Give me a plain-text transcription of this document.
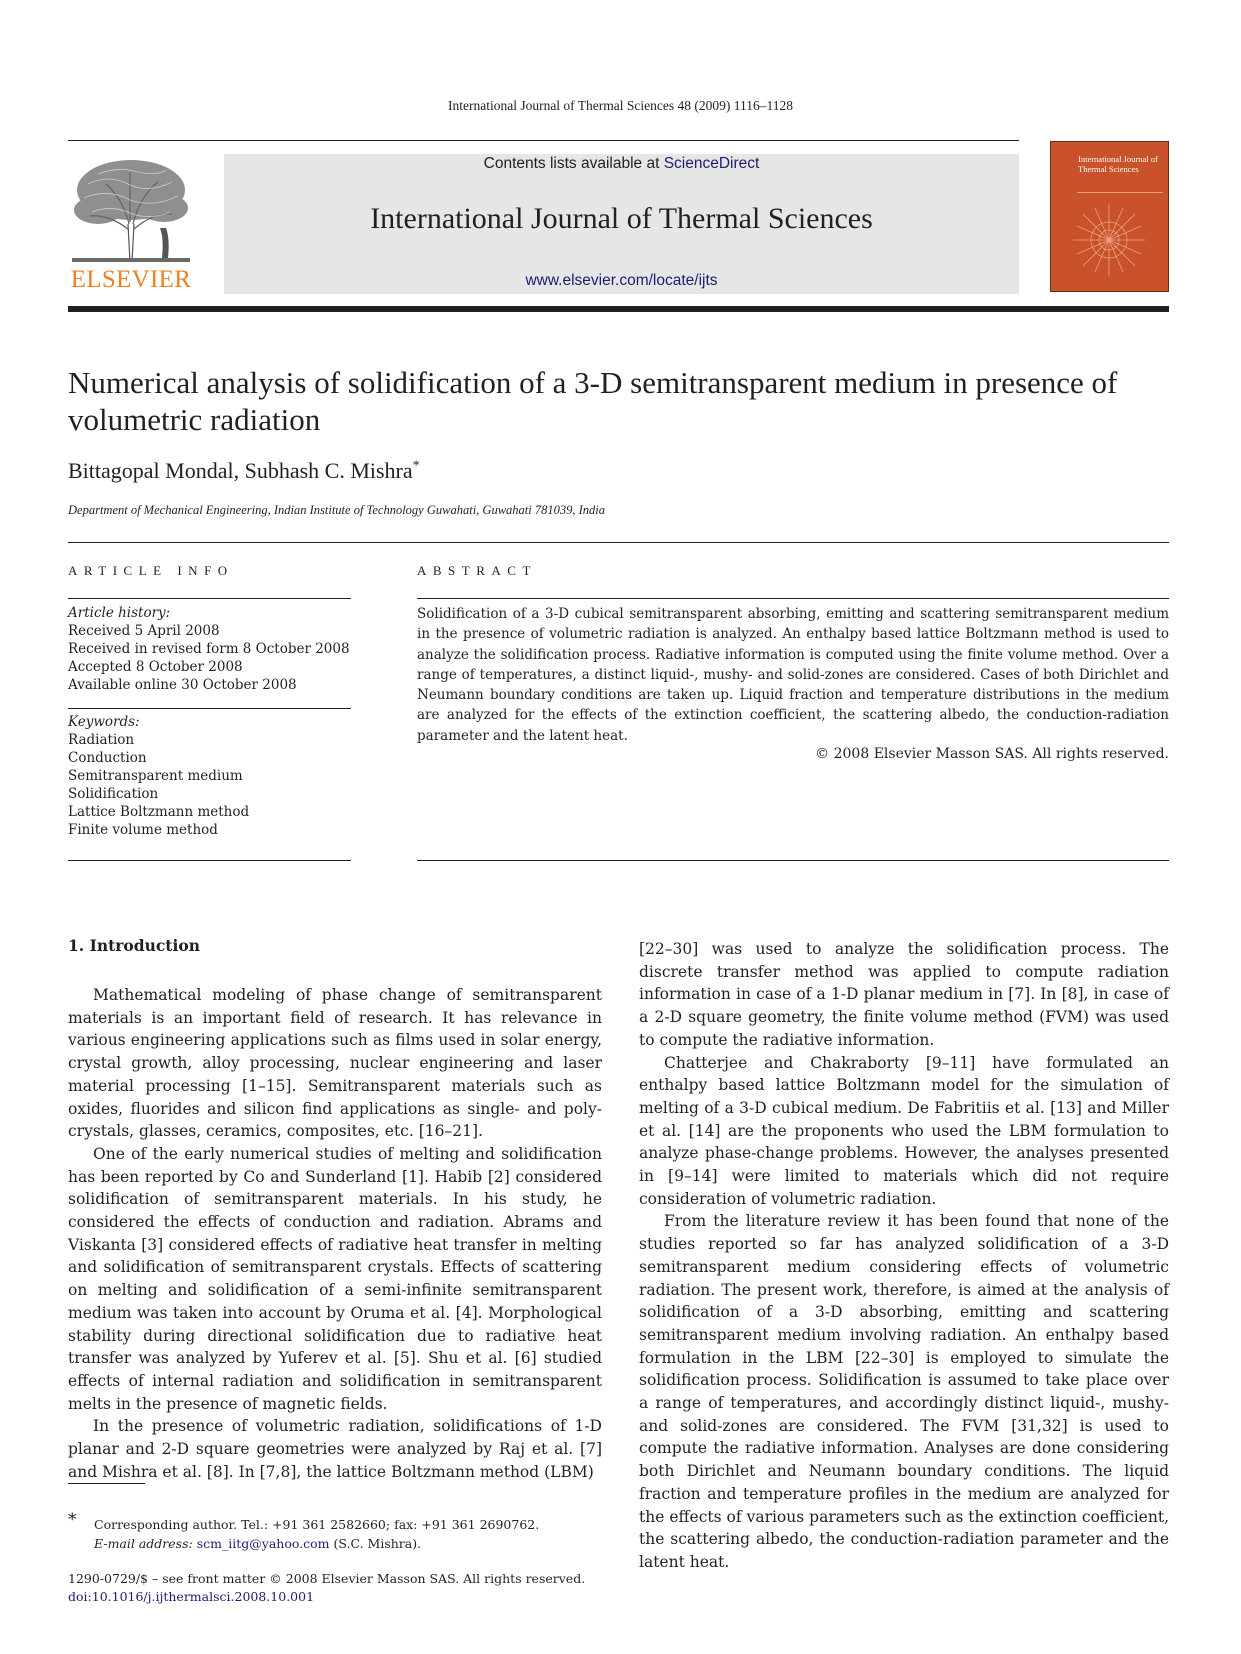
International Journal of Thermal Sciences 48 (2009) 1116–1128
ELSEVIER
Contents lists available at ScienceDirect
International Journal of Thermal Sciences
www.elsevier.com/locate/ijts
International Journal of Thermal Sciences
Numerical analysis of solidification of a 3-D semitransparent medium in presence of volumetric radiation
Bittagopal Mondal, Subhash C. Mishra*
Department of Mechanical Engineering, Indian Institute of Technology Guwahati, Guwahati 781039, India
ARTICLE INFO
Article history:
Received 5 April 2008
Received in revised form 8 October 2008
Accepted 8 October 2008
Available online 30 October 2008
Keywords:
Radiation
Conduction
Semitransparent medium
Solidification
Lattice Boltzmann method
Finite volume method
ABSTRACT
Solidification of a 3-D cubical semitransparent absorbing, emitting and scattering semitransparent medium in the presence of volumetric radiation is analyzed. An enthalpy based lattice Boltzmann method is used to analyze the solidification process. Radiative information is computed using the finite volume method. Over a range of temperatures, a distinct liquid-, mushy- and solid-zones are considered. Cases of both Dirichlet and Neumann boundary conditions are taken up. Liquid fraction and temperature distributions in the medium are analyzed for the effects of the extinction coefficient, the scattering albedo, the conduction-radiation parameter and the latent heat.
© 2008 Elsevier Masson SAS. All rights reserved.
1. Introduction

Mathematical modeling of phase change of semitransparent materials is an important field of research. It has relevance in various engineering applications such as films used in solar energy, crystal growth, alloy processing, nuclear engineering and laser material processing [1–15]. Semitransparent materials such as oxides, fluorides and silicon find applications as single- and poly-crystals, glasses, ceramics, composites, etc. [16–21].

One of the early numerical studies of melting and solidification has been reported by Co and Sunderland [1]. Habib [2] considered solidification of semitransparent materials. In his study, he considered the effects of conduction and radiation. Abrams and Viskanta [3] considered effects of radiative heat transfer in melting and solidification of semitransparent crystals. Effects of scattering on melting and solidification of a semi-infinite semitransparent medium was taken into account by Oruma et al. [4]. Morphological stability during directional solidification due to radiative heat transfer was analyzed by Yuferev et al. [5]. Shu et al. [6] studied effects of internal radiation and solidification in semitransparent melts in the presence of magnetic fields.

In the presence of volumetric radiation, solidifications of 1-D planar and 2-D square geometries were analyzed by Raj et al. [7] and Mishra et al. [8]. In [7,8], the lattice Boltzmann method (LBM)

[22–30] was used to analyze the solidification process. The discrete transfer method was applied to compute radiation information in case of a 1-D planar medium in [7]. In [8], in case of a 2-D square geometry, the finite volume method (FVM) was used to compute the radiative information.

Chatterjee and Chakraborty [9–11] have formulated an enthalpy based lattice Boltzmann model for the simulation of melting of a 3-D cubical medium. De Fabritiis et al. [13] and Miller et al. [14] are the proponents who used the LBM formulation to analyze phase-change problems. However, the analyses presented in [9–14] were limited to materials which did not require consideration of volumetric radiation.

From the literature review it has been found that none of the studies reported so far has analyzed solidification of a 3-D semitransparent medium considering effects of volumetric radiation. The present work, therefore, is aimed at the analysis of solidification of a 3-D absorbing, emitting and scattering semitransparent medium involving radiation. An enthalpy based formulation in the LBM [22–30] is employed to simulate the solidification process. Solidification is assumed to take place over a range of temperatures, and accordingly distinct liquid-, mushy- and solid-zones are considered. The FVM [31,32] is used to compute the radiative information. Analyses are done considering both Dirichlet and Neumann boundary conditions. The liquid fraction and temperature profiles in the medium are analyzed for the effects of various parameters such as the extinction coefficient, the scattering albedo, the conduction-radiation parameter and the latent heat.

*	Corresponding author. Tel.: +91 361 2582660; fax: +91 361 2690762.
E-mail address: scm_iitg@yahoo.com (S.C. Mishra).
1290-0729/$ – see front matter © 2008 Elsevier Masson SAS. All rights reserved.
doi:10.1016/j.ijthermalsci.2008.10.001
